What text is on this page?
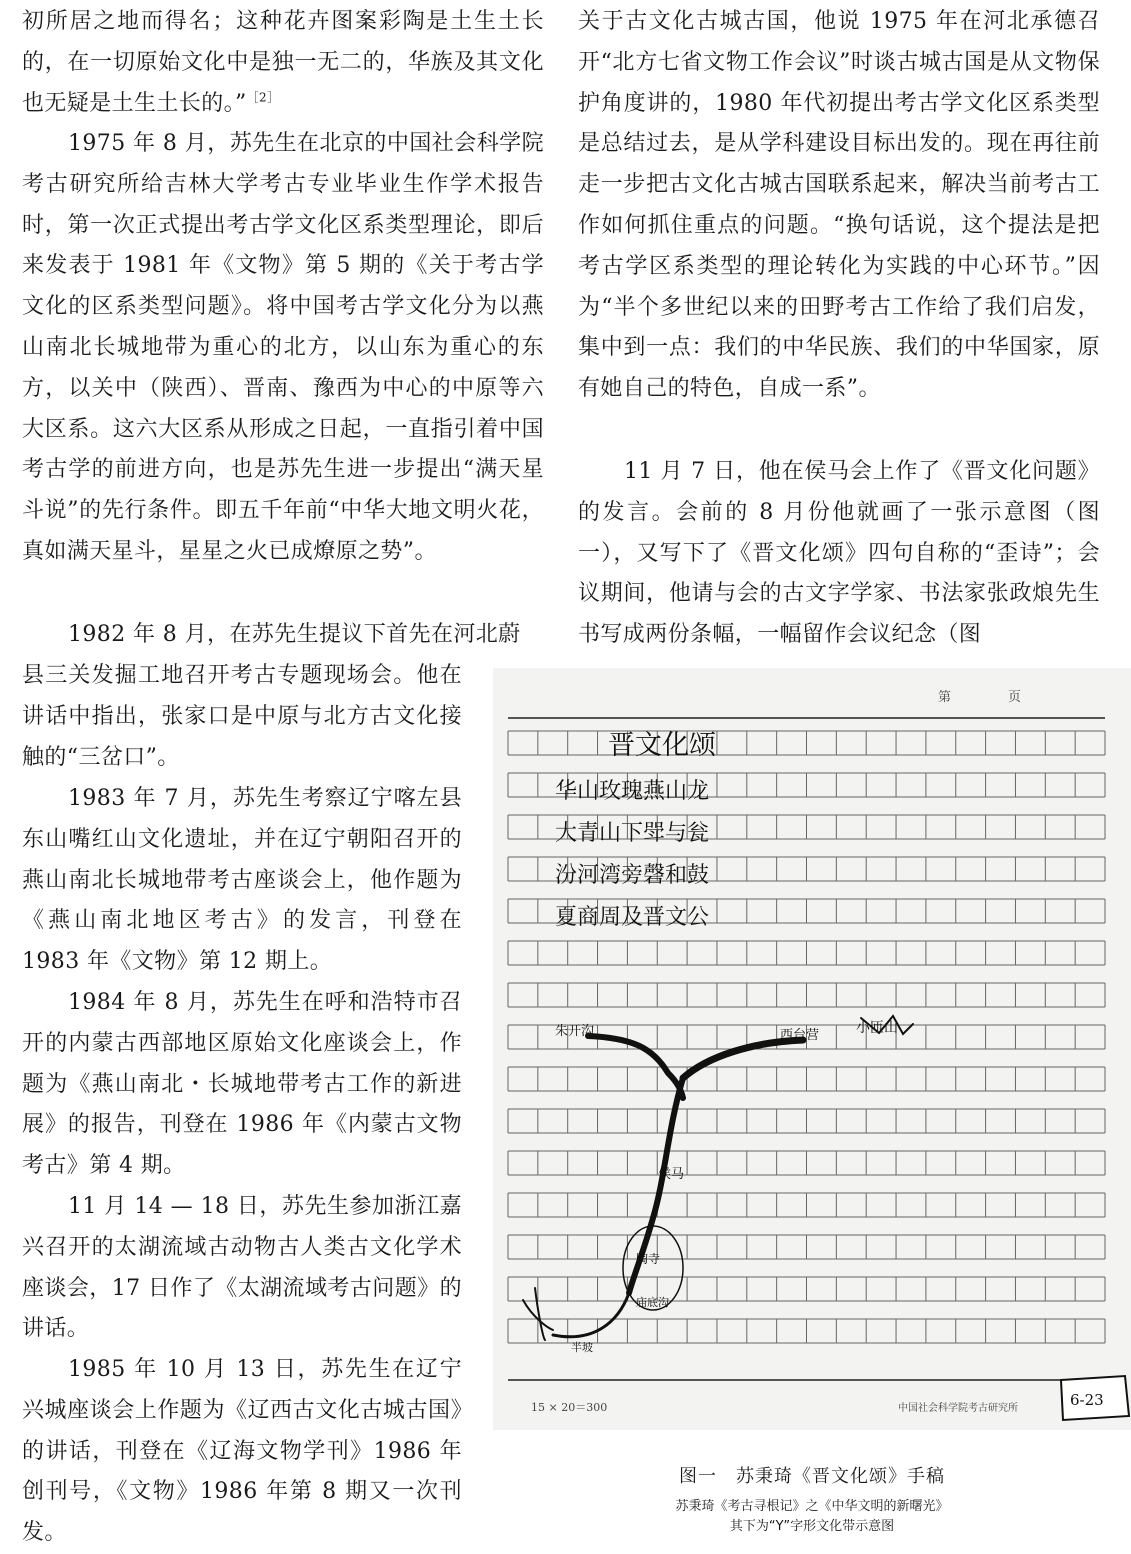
初所居之地而得名；这种花卉图案彩陶是土生土长的，在一切原始文化中是独一无二的，华族及其文化也无疑是土生土长的。”$^{[2]}$

1975 年 8 月，苏先生在北京的中国社会科学院考古研究所给吉林大学考古专业毕业生作学术报告时，第一次正式提出考古学文化区系类型理论，即后来发表于 1981 年《文物》第 5 期的《关于考古学文化的区系类型问题》。将中国考古学文化分为以燕山南北长城地带为重心的北方，以山东为重心的东方，以关中（陕西）、晋南、豫西为中心的中原等六大区系。这六大区系从形成之日起，一直指引着中国考古学的前进方向，也是苏先生进一步提出“满天星斗说”的先行条件。即五千年前“中华大地文明火花，真如满天星斗，星星之火已成燎原之势”。

1982 年 8 月，在苏先生提议下首先在河北蔚

县三关发掘工地召开考古专题现场会。他在讲话中指出，张家口是中原与北方古文化接触的“三岔口”。

1983 年 7 月，苏先生考察辽宁喀左县东山嘴红山文化遗址，并在辽宁朝阳召开的燕山南北长城地带考古座谈会上，他作题为《燕山南北地区考古》的发言，刊登在 1983 年《文物》第 12 期上。

1984 年 8 月，苏先生在呼和浩特市召开的内蒙古西部地区原始文化座谈会上，作题为《燕山南北・长城地带考古工作的新进展》的报告，刊登在 1986 年《内蒙古文物考古》第 4 期。

11 月 14 — 18 日，苏先生参加浙江嘉兴召开的太湖流域古动物古人类古文化学术座谈会，17 日作了《太湖流域考古问题》的讲话。

1985 年 10 月 13 日，苏先生在辽宁兴城座谈会上作题为《辽西古文化古城古国》的讲话，刊登在《辽海文物学刊》1986 年创刊号，《文物》1986 年第 8 期又一次刊发。

关于古文化古城古国，他说 1975 年在河北承德召开“北方七省文物工作会议”时谈古城古国是从文物保护角度讲的，1980 年代初提出考古学文化区系类型是总结过去，是从学科建设目标出发的。现在再往前走一步把古文化古城古国联系起来，解决当前考古工作如何抓住重点的问题。“换句话说，这个提法是把考古学区系类型的理论转化为实践的中心环节。”因为“半个多世纪以来的田野考古工作给了我们启发，集中到一点：我们的中华民族、我们的中华国家，原有她自己的特色，自成一系”。

11 月 7 日，他在侯马会上作了《晋文化问题》的发言。会前的 8 月份他就画了一张示意图（图一），又写下了《晋文化颂》四句自称的“歪诗”；会议期间，他请与会的古文字学家、书法家张政烺先生书写成两份条幅，一幅留作会议纪念（图

第	页
晋文化颂
华山玫瑰燕山龙
大青山下斝与瓮
汾河湾旁磬和鼓
夏商周及晋文公
朱开沟	西台营	小匝山
侯马
陶寺
半坡
庙底沟
15 × 20＝300	中国社会科学院考古研究所	6-23

图一　苏秉琦《晋文化颂》手稿

苏秉琦《考古寻根记》之《中华文明的新曙光》

其下为“Y”字形文化带示意图
